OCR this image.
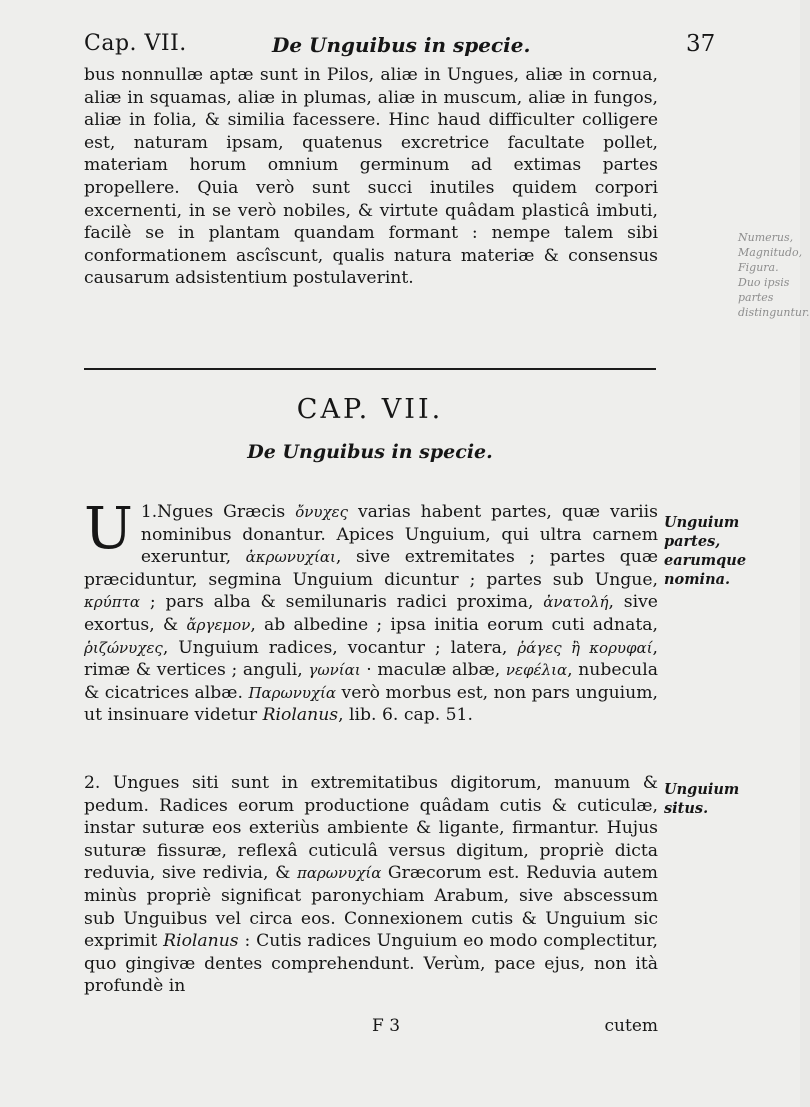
Numerus, Magnitudo, Figura. Duo ipsis partes distinguntur.
Cap. VII.	De Unguibus in specie.	37
bus nonnullæ aptæ sunt in Pilos, aliæ in Ungues, aliæ in cornua, aliæ in squamas, aliæ in plumas, aliæ in muscum, aliæ in fungos, aliæ in folia, & similia facessere. Hinc haud difficulter colligere est, naturam ipsam, quatenus excretrice facultate pollet, materiam horum omnium germinum ad extimas partes propellere. Quia verò sunt succi inutiles quidem corpori excernenti, in se verò nobiles, & virtute quâdam plasticâ imbuti, facilè se in plantam quandam formant : nempe talem sibi conformationem ascîscunt, qualis natura materiæ & consensus causarum adsistentium postulaverint.
CAP. VII.
De Unguibus in specie.
1.
U Ngues Græcis ὄνυχες varias habent partes, quæ variis nominibus donantur. Apices Unguium, qui ultra carnem exeruntur, ἀκρωνυχίαι, sive extremitates ; partes quæ præciduntur, segmina Unguium dicuntur ; partes sub Ungue, κρύπτα ; pars alba & semilunaris radici proxima, ἀνατολή, sive exortus, & ἄργεμον, ab albedine ; ipsa initia eorum cuti adnata, ῥιζώνυχες, Unguium radices, vocantur ; latera, ῥάγες ἢ κορυφαί, rimæ & vertices ; anguli, γωνίαι · maculæ albæ, νεφέλια, nubecula & cicatrices albæ. Παρωνυχία verò morbus est, non pars unguium, ut insinuare videtur Riolanus, lib. 6. cap. 51.
2. Ungues siti sunt in extremitatibus digitorum, manuum & pedum. Radices eorum productione quâdam cutis & cuticulæ, instar suturæ eos exteriùs ambiente & ligante, firmantur. Hujus suturæ fissuræ, reflexâ cuticulâ versus digitum, propriè dicta reduvia, sive redivia, & παρωνυχία Græcorum est. Reduvia autem minùs propriè significat paronychiam Arabum, sive abscessum sub Unguibus vel circa eos. Connexionem cutis & Unguium sic exprimit Riolanus : Cutis radices Unguium eo modo complectitur, quo gingivæ dentes comprehendunt. Verùm, pace ejus, non ità profundè in
Unguium partes, earumque nomina.
Unguium situs.
F 3	cutem
